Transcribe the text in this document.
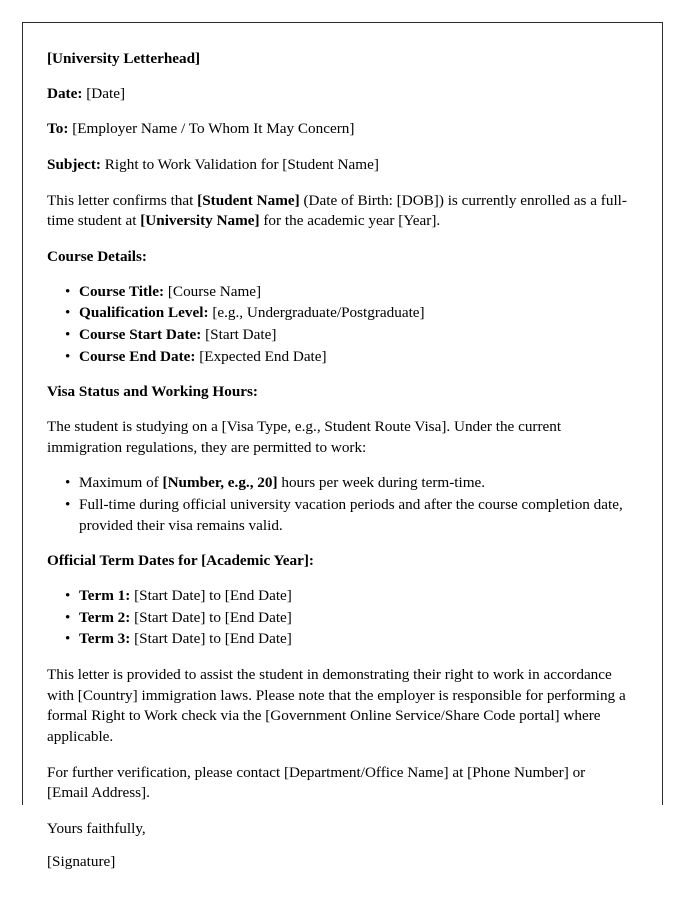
[University Letterhead]

Date: [Date]

To: [Employer Name / To Whom It May Concern]

Subject: Right to Work Validation for [Student Name]

This letter confirms that [Student Name] (Date of Birth: [DOB]) is currently enrolled as a full-time student at [University Name] for the academic year [Year].

Course Details:

• Course Title: [Course Name]
• Qualification Level: [e.g., Undergraduate/Postgraduate]
• Course Start Date: [Start Date]
• Course End Date: [Expected End Date]

Visa Status and Working Hours:

The student is studying on a [Visa Type, e.g., Student Route Visa]. Under the current immigration regulations, they are permitted to work:

• Maximum of [Number, e.g., 20] hours per week during term-time.
• Full-time during official university vacation periods and after the course completion date, provided their visa remains valid.

Official Term Dates for [Academic Year]:

• Term 1: [Start Date] to [End Date]
• Term 2: [Start Date] to [End Date]
• Term 3: [Start Date] to [End Date]

This letter is provided to assist the student in demonstrating their right to work in accordance with [Country] immigration laws. Please note that the employer is responsible for performing a formal Right to Work check via the [Government Online Service/Share Code portal] where applicable.

For further verification, please contact [Department/Office Name] at [Phone Number] or [Email Address].

Yours faithfully,

[Signature]
